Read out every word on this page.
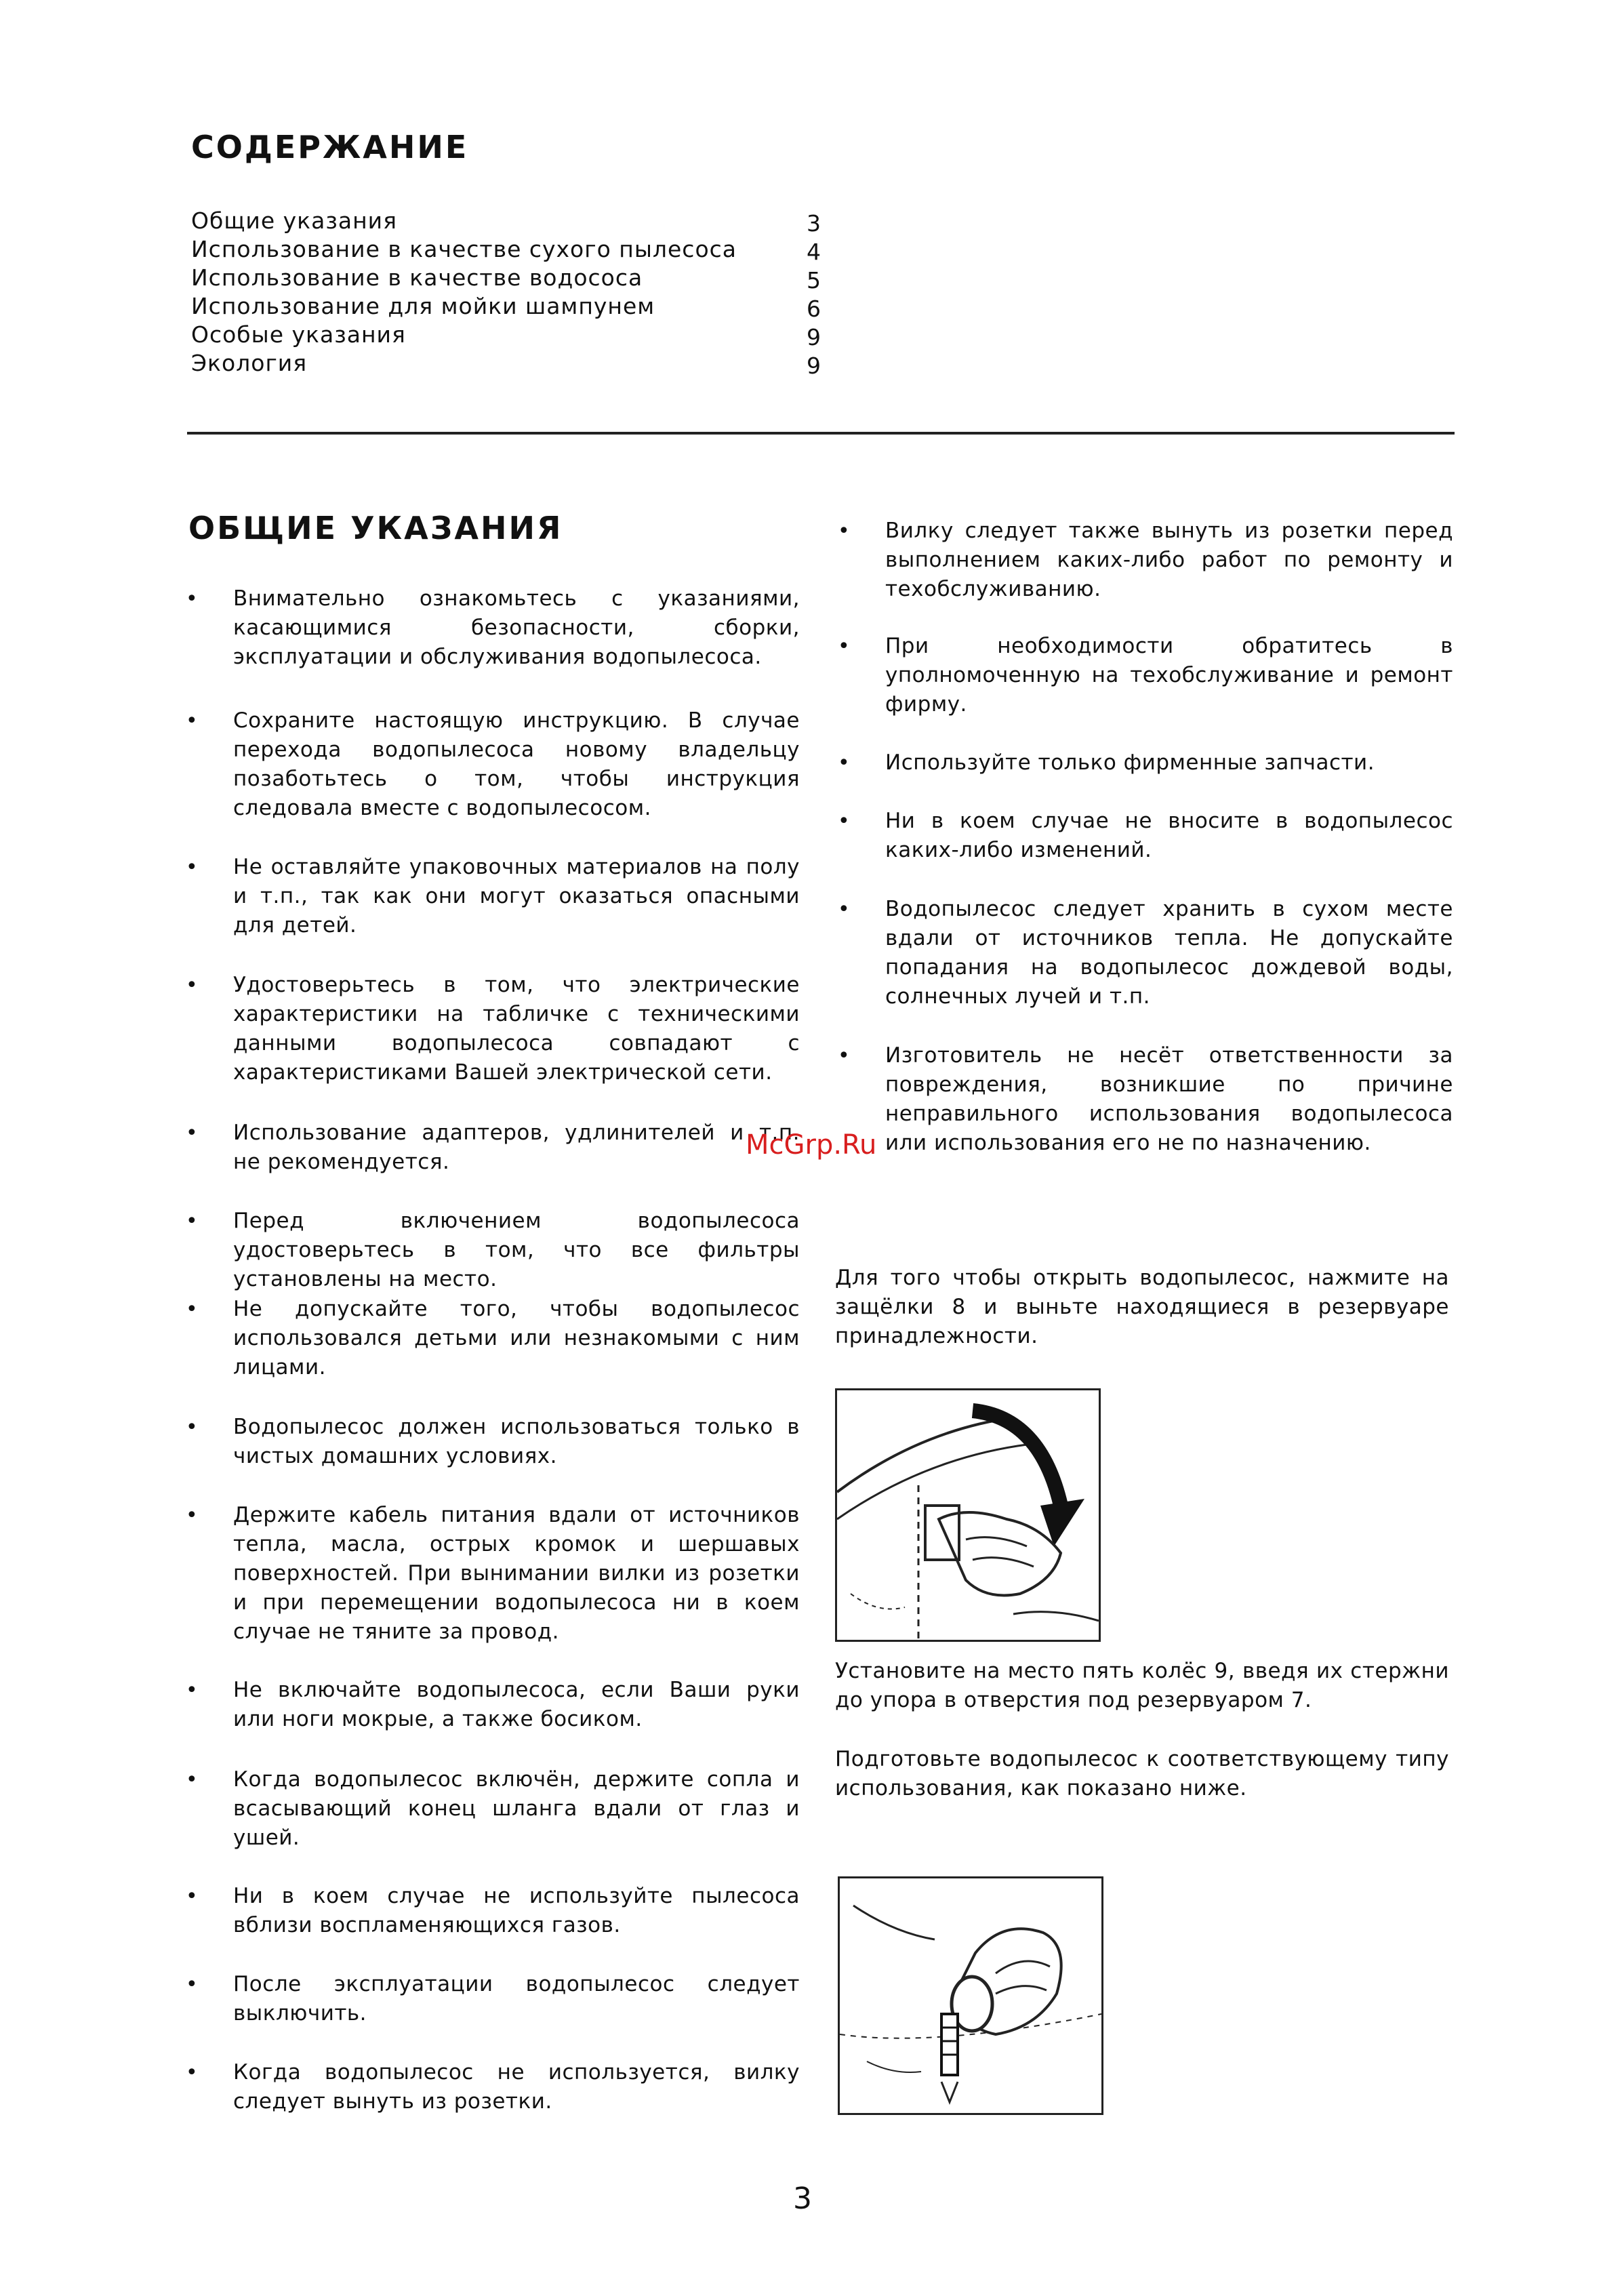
СОДЕРЖАНИЕ
Общие указания	3
Использование в качестве сухого пылесоса	4
Использование в качестве водососа	5
Использование для мойки шампунем	6
Особые указания	9
Экология	9
ОБЩИЕ УКАЗАНИЯ
• Внимательно ознакомьтесь с указаниями, касающимися безопасности, сборки, эксплуатации и обслуживания водопылесоса.
• Сохраните настоящую инструкцию. В случае перехода водопылесоса новому владельцу позаботьтесь о том, чтобы инструкция следовала вместе с водопылесосом.
• Не оставляйте упаковочных материалов на полу и т.п., так как они могут оказаться опасными для детей.
• Удостоверьтесь в том, что электрические характеристики на табличке с техническими данными водопылесоса совпадают с характеристиками Вашей электрической сети.
• Использование адаптеров, удлинителей и т.п. не рекомендуется.
• Перед включением водопылесоса удостоверьтесь в том, что все фильтры установлены на место.
• Не допускайте того, чтобы водопылесос использовался детьми или незнакомыми с ним лицами.
• Водопылесос должен использоваться только в чистых домашних условиях.
• Держите кабель питания вдали от источников тепла, масла, острых кромок и шершавых поверхностей. При вынимании вилки из розетки и при перемещении водопылесоса ни в коем случае не тяните за провод.
• Не включайте водопылесоса, если Ваши руки или ноги мокрые, а также босиком.
• Когда водопылесос включён, держите сопла и всасывающий конец шланга вдали от глаз и ушей.
• Ни в коем случае не используйте пылесоса вблизи воспламеняющихся газов.
• После эксплуатации водопылесос следует выключить.
• Когда водопылесос не используется, вилку следует вынуть из розетки.
• Вилку следует также вынуть из розетки перед выполнением каких-либо работ по ремонту и техобслуживанию.
• При необходимости обратитесь в уполномоченную на техобслуживание и ремонт фирму.
• Используйте только фирменные запчасти.
• Ни в коем случае не вносите в водопылесос каких-либо изменений.
• Водопылесос следует хранить в сухом месте вдали от источников тепла. Не допускайте попадания на водопылесос дождевой воды, солнечных лучей и т.п.
• Изготовитель не несёт ответственности за повреждения, возникшие по причине неправильного использования водопылесоса или использования его не по назначению.
McGrp.Ru
Для того чтобы открыть водопылесос, нажмите на защёлки 8 и выньте находящиеся в резервуаре принадлежности.
Установите на место пять колёс 9, введя их стержни до упора в отверстия под резервуаром 7.
Подготовьте водопылесос к соответствующему типу использования, как показано ниже.
3
